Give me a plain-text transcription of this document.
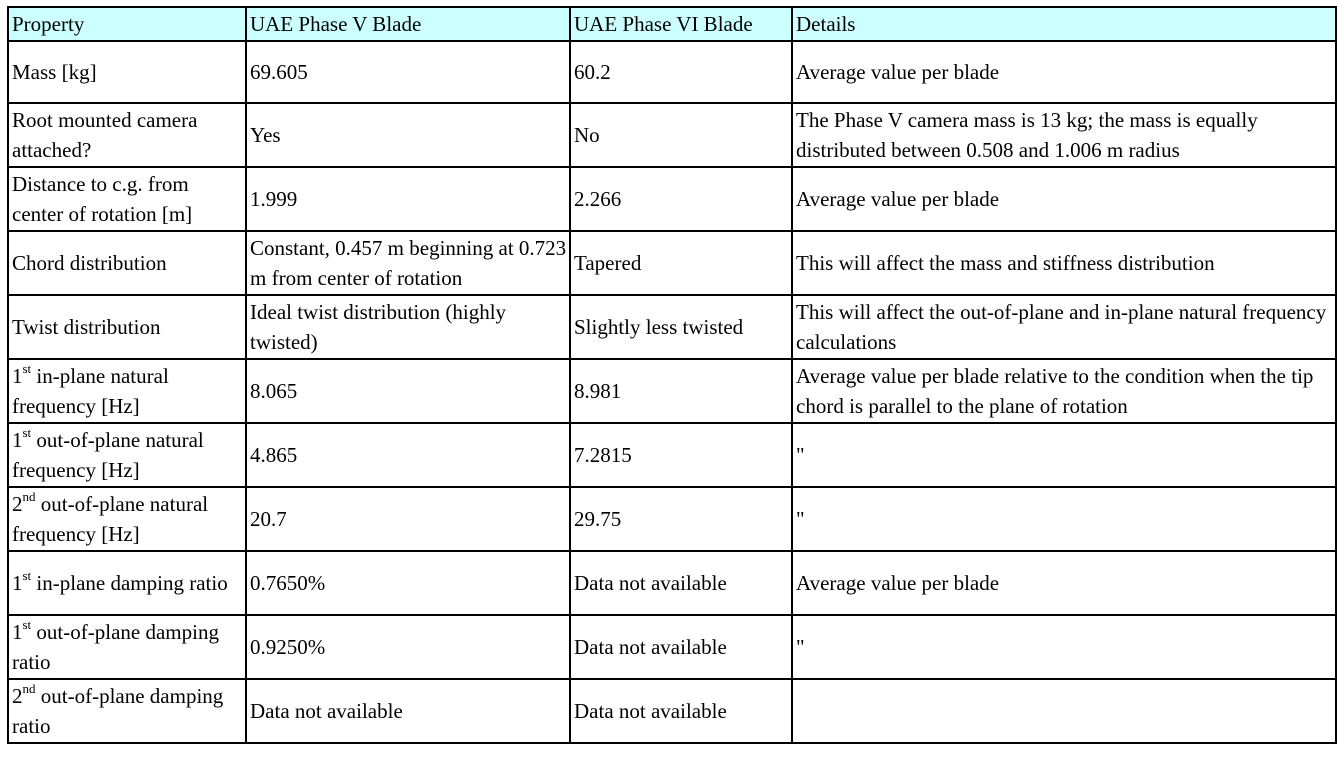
Property	UAE Phase V Blade	UAE Phase VI Blade	Details
Mass [kg]	69.605	60.2	Average value per blade
Root mounted camera attached?	Yes	No	The Phase V camera mass is 13 kg; the mass is equally distributed between 0.508 and 1.006 m radius
Distance to c.g. from center of rotation [m]	1.999	2.266	Average value per blade
Chord distribution	Constant, 0.457 m beginning at 0.723 m from center of rotation	Tapered	This will affect the mass and stiffness distribution
Twist distribution	Ideal twist distribution (highly twisted)	Slightly less twisted	This will affect the out-of-plane and in-plane natural frequency calculations
1st in-plane natural frequency [Hz]	8.065	8.981	Average value per blade relative to the condition when the tip chord is parallel to the plane of rotation
1st out-of-plane natural frequency [Hz]	4.865	7.2815	"
2nd out-of-plane natural frequency [Hz]	20.7	29.75	"
1st in-plane damping ratio	0.7650%	Data not available	Average value per blade
1st out-of-plane damping ratio	0.9250%	Data not available	"
2nd out-of-plane damping ratio	Data not available	Data not available	
